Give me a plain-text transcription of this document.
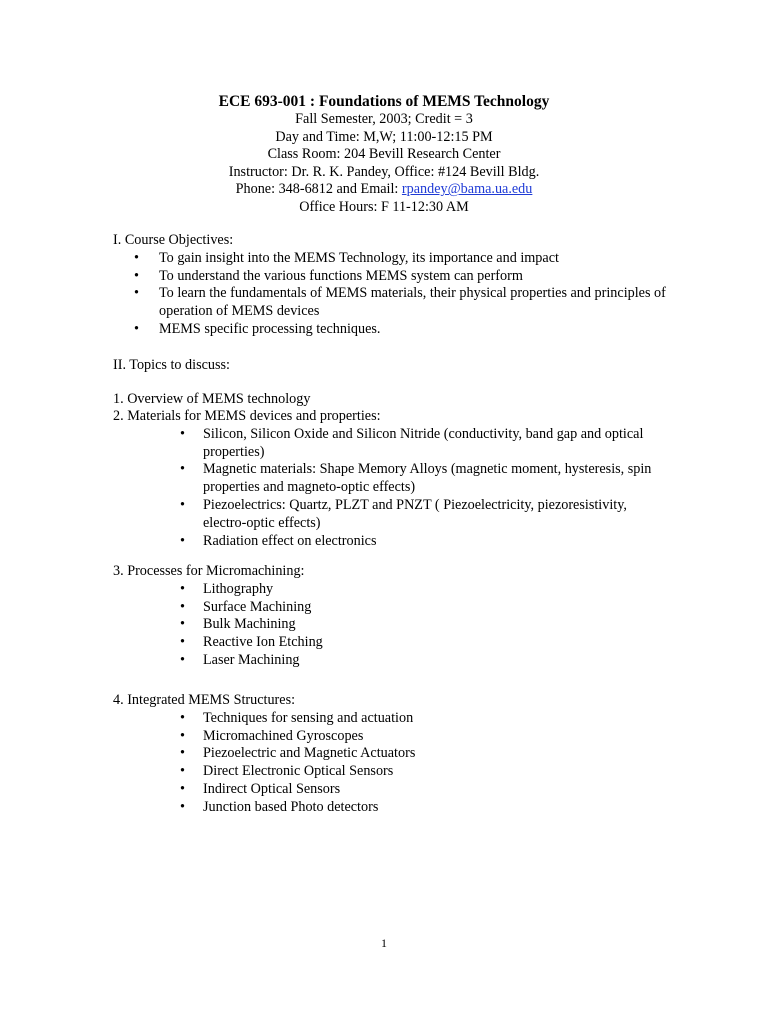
ECE 693-001 : Foundations of MEMS Technology
Fall Semester, 2003; Credit = 3
Day and Time: M,W; 11:00-12:15 PM
Class Room: 204 Bevill Research Center
Instructor: Dr. R. K. Pandey, Office: #124 Bevill Bldg.
Phone: 348-6812 and Email: rpandey@bama.ua.edu
Office Hours: F 11-12:30 AM
I. Course Objectives:
• To gain insight into the MEMS Technology, its importance and impact
• To understand the various functions MEMS system can perform
• To learn the fundamentals of MEMS materials, their physical properties and principles of operation of MEMS devices
• MEMS specific processing techniques.
II. Topics to discuss:
1. Overview of MEMS technology
2. Materials for MEMS devices and properties:
• Silicon, Silicon Oxide and Silicon Nitride (conductivity, band gap and optical properties)
• Magnetic materials: Shape Memory Alloys (magnetic moment, hysteresis, spin properties and magneto-optic effects)
• Piezoelectrics: Quartz, PLZT and PNZT ( Piezoelectricity, piezoresistivity, electro-optic effects)
• Radiation effect on electronics
3. Processes for Micromachining:
• Lithography
• Surface Machining
• Bulk Machining
• Reactive Ion Etching
• Laser Machining
4. Integrated MEMS Structures:
• Techniques for sensing and actuation
• Micromachined Gyroscopes
• Piezoelectric and Magnetic Actuators
• Direct Electronic Optical Sensors
• Indirect Optical Sensors
• Junction based Photo detectors
1
